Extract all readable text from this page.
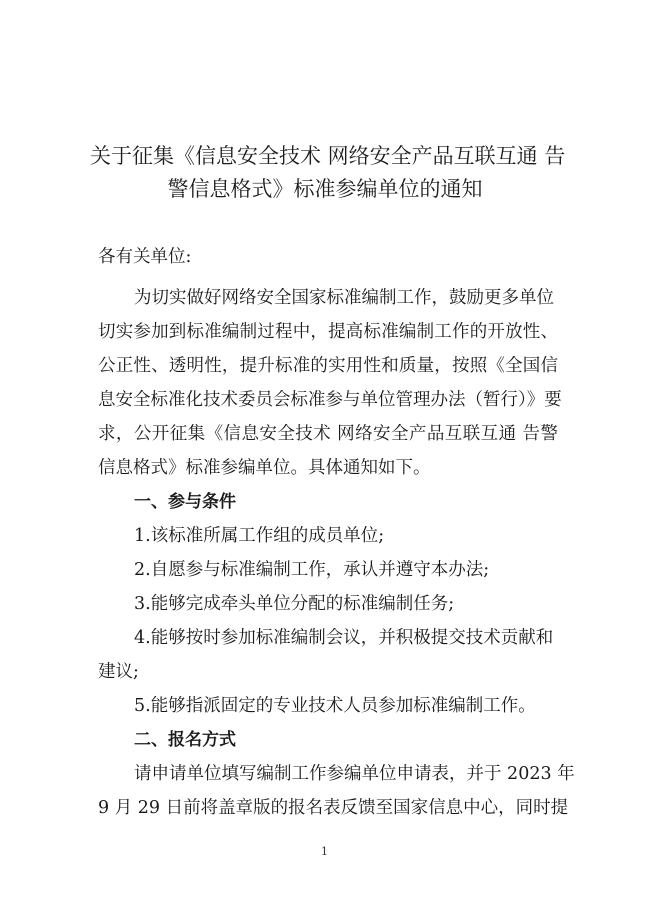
关于征集《信息安全技术 网络安全产品互联互通 告
警信息格式》标准参编单位的通知
各有关单位:
为切实做好网络安全国家标准编制工作，鼓励更多单位
切实参加到标准编制过程中，提高标准编制工作的开放性、
公正性、透明性，提升标准的实用性和质量，按照《全国信
息安全标准化技术委员会标准参与单位管理办法（暂行）》要
求，公开征集《信息安全技术 网络安全产品互联互通 告警
信息格式》标准参编单位。具体通知如下。
一、参与条件
1.该标准所属工作组的成员单位;
2.自愿参与标准编制工作，承认并遵守本办法;
3.能够完成牵头单位分配的标准编制任务;
4.能够按时参加标准编制会议，并积极提交技术贡献和
建议;
5.能够指派固定的专业技术人员参加标准编制工作。
二、报名方式
请申请单位填写编制工作参编单位申请表，并于 2023 年
9 月 29 日前将盖章版的报名表反馈至国家信息中心，同时提
1
